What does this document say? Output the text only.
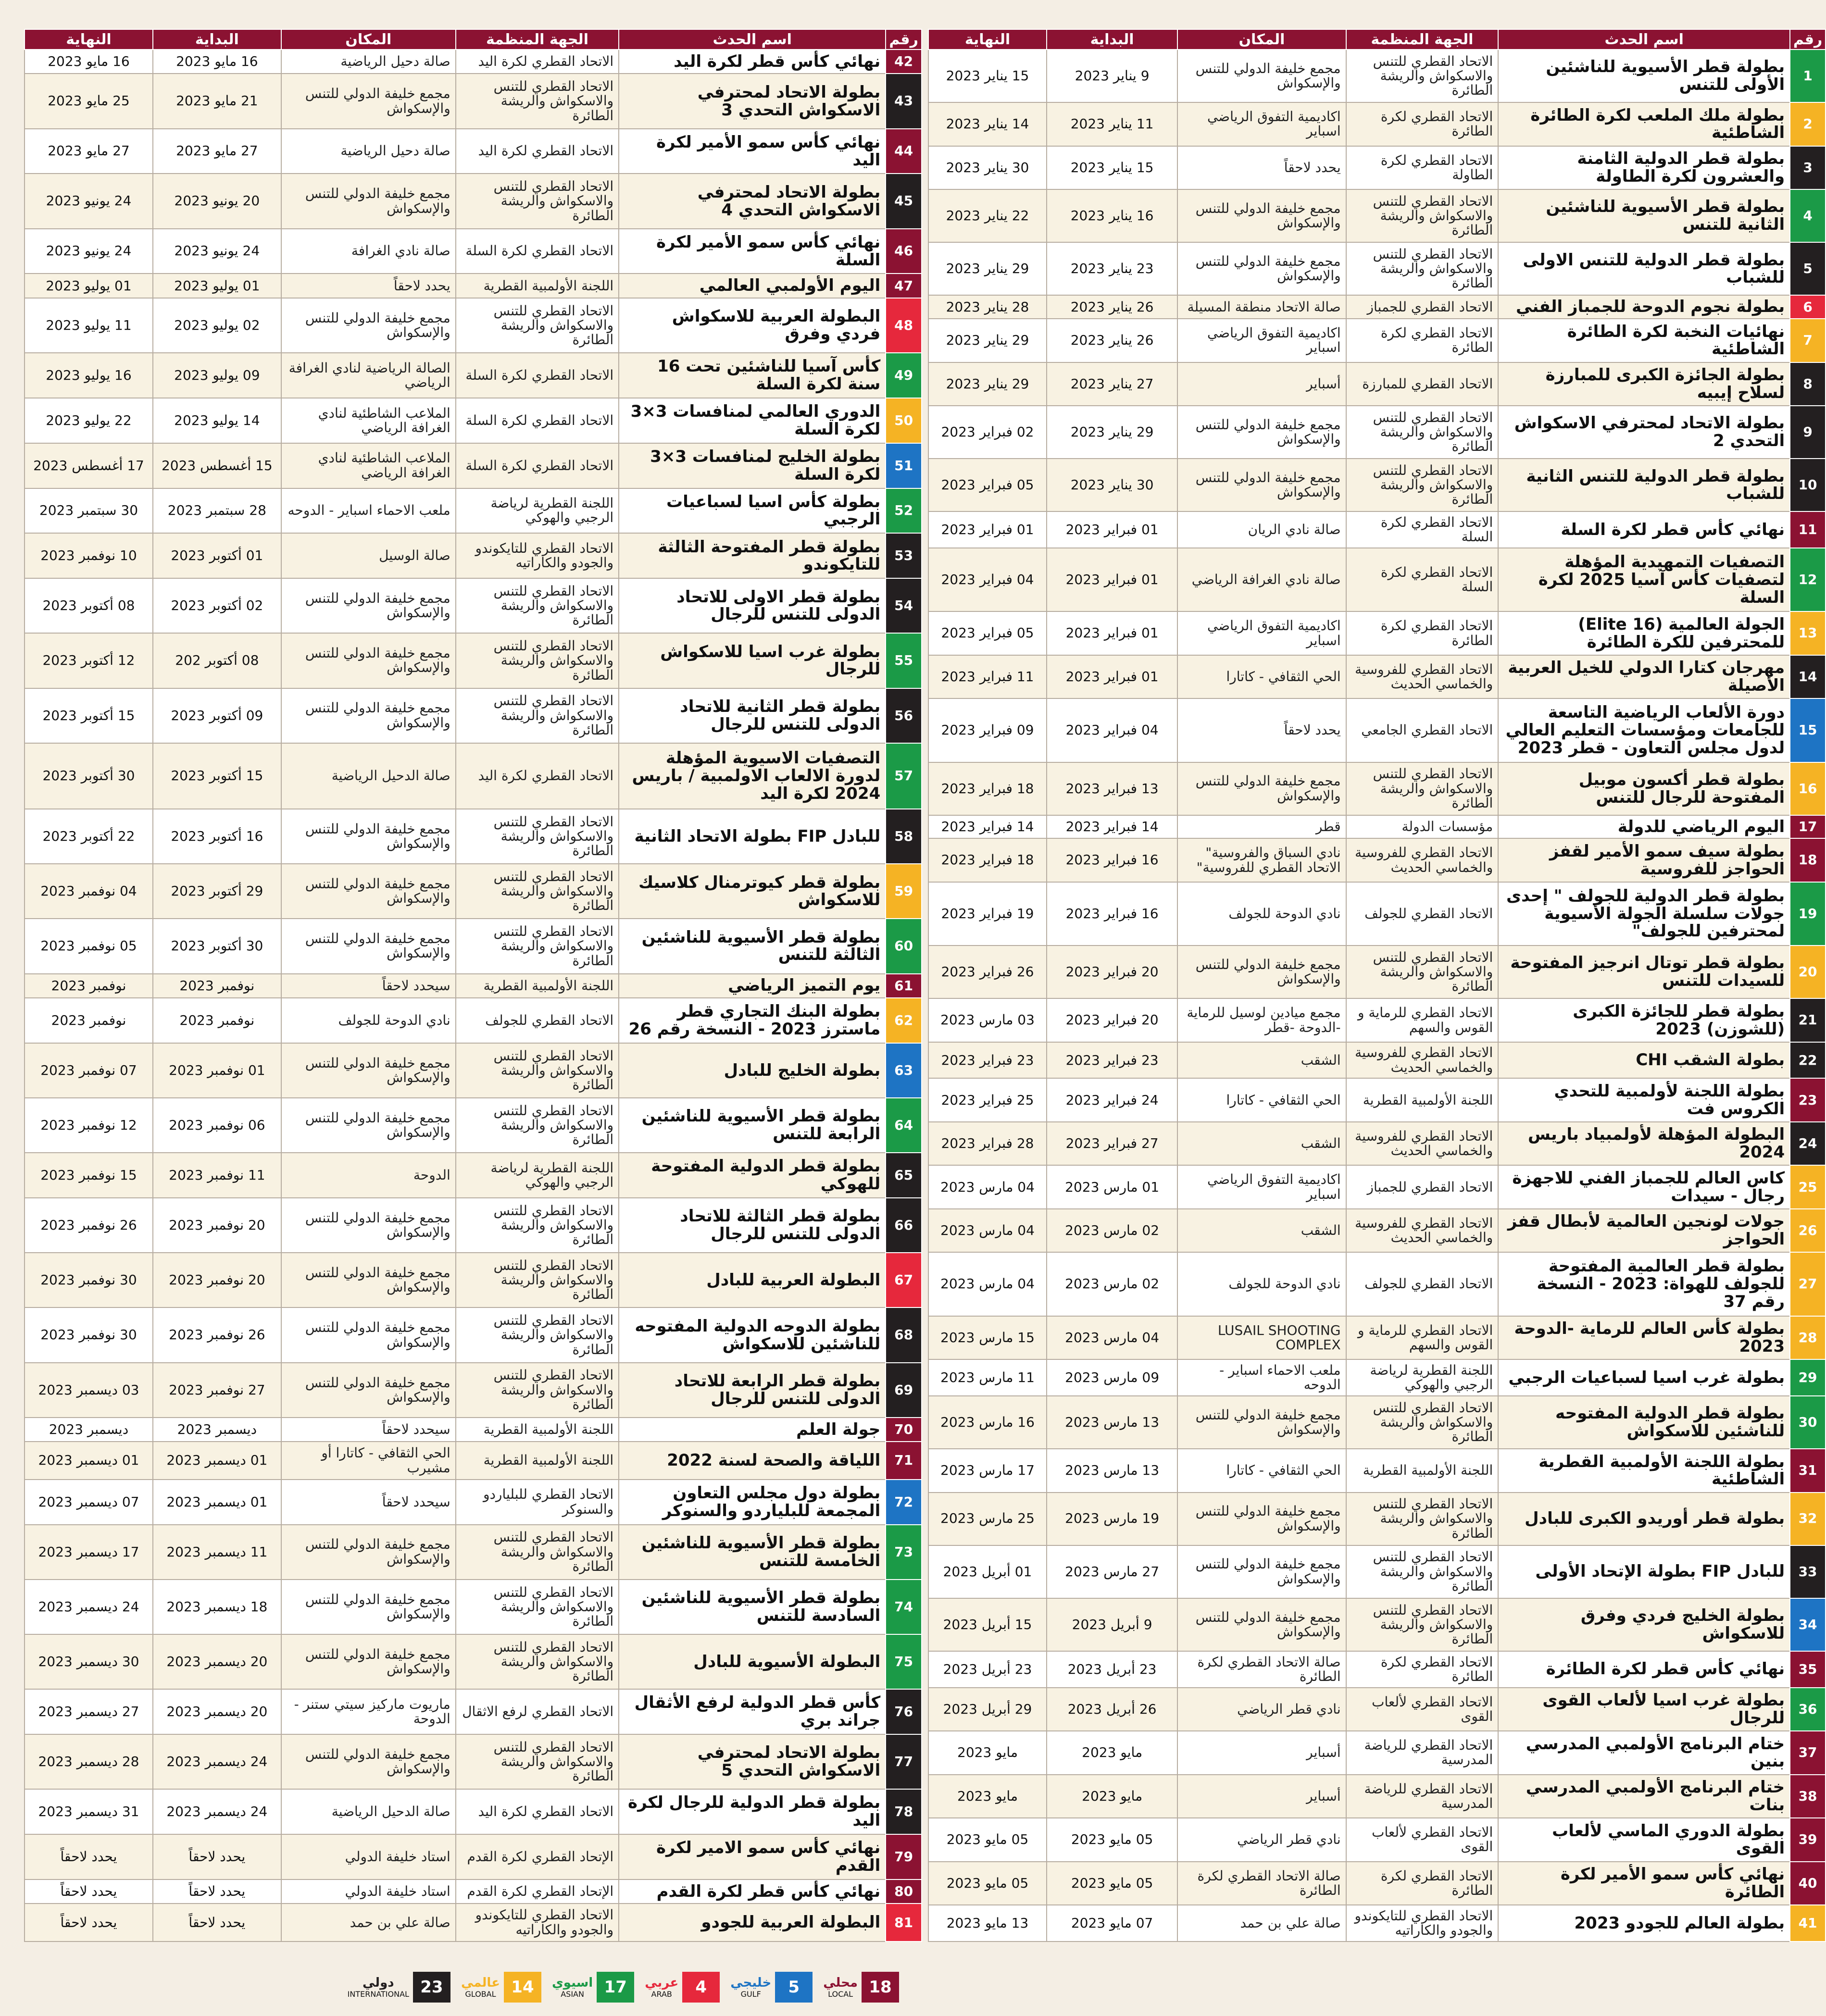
رقم	اسم الحدث	الجهة المنظمة	المكان	البداية	النهاية
1	بطولة قطر الأسيوية للناشئين الأولى للتنس	الاتحاد القطري للتنس والاسكواش والريشة الطائرة	مجمع خليفة الدولي للتنس والإسكواش	9 يناير 2023	15 يناير 2023
2	بطولة ملك الملعب لكرة الطائرة الشاطئية	الاتحاد القطري لكرة الطائرة	اكاديمية التفوق الرياضي اسباير	11 يناير 2023	14 يناير 2023
3	بطولة قطر الدولية الثامنة والعشرون لكرة الطاولة	الاتحاد القطري لكرة الطاولة	يحدد لاحقاً	15 يناير 2023	30 يناير 2023
4	بطولة قطر الأسيوية للناشئين الثانية للتنس	الاتحاد القطري للتنس والاسكواش والريشة الطائرة	مجمع خليفة الدولي للتنس والإسكواش	16 يناير 2023	22 يناير 2023
5	بطولة قطر الدولية للتنس الاولى للشباب	الاتحاد القطري للتنس والاسكواش والريشة الطائرة	مجمع خليفة الدولي للتنس والإسكواش	23 يناير 2023	29 يناير 2023
6	بطولة نجوم الدوحة للجمباز الفني	الاتحاد القطري للجمباز	صالة الاتحاد منطقة المسيلة	26 يناير 2023	28 يناير 2023
7	نهائيات النخبة لكرة الطائرة الشاطئية	الاتحاد القطري لكرة الطائرة	اكاديمية التفوق الرياضي اسباير	26 يناير 2023	29 يناير 2023
8	بطولة الجائزة الكبرى للمبارزة لسلاح إيبيه	الاتحاد القطري للمبارزة	أسباير	27 يناير 2023	29 يناير 2023
9	بطولة الاتحاد لمحترفي الاسكواش التحدي 2	الاتحاد القطري للتنس والاسكواش والريشة الطائرة	مجمع خليفة الدولي للتنس والإسكواش	29 يناير 2023	02 فبراير 2023
10	بطولة قطر الدولية للتنس الثانية للشباب	الاتحاد القطري للتنس والاسكواش والريشة الطائرة	مجمع خليفة الدولي للتنس والإسكواش	30 يناير 2023	05 فبراير 2023
11	نهائي كأس قطر لكرة السلة	الاتحاد القطري لكرة السلة	صالة نادي الريان	01 فبراير 2023	01 فبراير 2023
12	التصفيات التمهيدية المؤهلة لتصفيات كأس آسيا 2025 لكرة السلة	الاتحاد القطري لكرة السلة	صالة نادي الغرافة الرياضي	01 فبراير 2023	04 فبراير 2023
13	الجولة العالمية (Elite 16) للمحترفين للكرة الطائرة	الاتحاد القطري لكرة الطائرة	اكاديمية التفوق الرياضي اسباير	01 فبراير 2023	05 فبراير 2023
14	مهرجان كتارا الدولي للخيل العربية الأصيلة	الاتحاد القطري للفروسية والخماسي الحديث	الحي الثقافي - كاتارا	01 فبراير 2023	11 فبراير 2023
15	دورة الألعاب الرياضية التاسعة للجامعات ومؤسسات التعليم العالي لدول مجلس التعاون - قطر 2023	الاتحاد القطري الجامعي	يحدد لاحقاً	04 فبراير 2023	09 فبراير 2023
16	بطولة قطر أكسون موبيل المفتوحة للرجال للتنس	الاتحاد القطري للتنس والاسكواش والريشة الطائرة	مجمع خليفة الدولي للتنس والإسكواش	13 فبراير 2023	18 فبراير 2023
17	اليوم الرياضي للدولة	مؤسسات الدولة	قطر	14 فبراير 2023	14 فبراير 2023
18	بطولة سيف سمو الأمير لقفز الحواجز للفروسية	الاتحاد القطري للفروسية والخماسي الحديث	نادي السباق والفروسية" الاتحاد القطري للفروسية"	16 فبراير 2023	18 فبراير 2023
19	بطولة قطر الدولية للجولف " إحدى جولات سلسلة الجولة الأسيوية لمحترفين للجولف"	الاتحاد القطري للجولف	نادي الدوحة للجولف	16 فبراير 2023	19 فبراير 2023
20	بطولة قطر توتال انرجيز المفتوحة للسيدات للتنس	الاتحاد القطري للتنس والاسكواش والريشة الطائرة	مجمع خليفة الدولي للتنس والإسكواش	20 فبراير 2023	26 فبراير 2023
21	بطولة قطر للجائزة الكبرى (للشوزن) 2023	الاتحاد القطري للرماية و القوس والسهم	مجمع ميادين لوسيل للرماية -الدوحة -قطر	20 فبراير 2023	03 مارس 2023
22	بطولة الشقب CHI	الاتحاد القطري للفروسية والخماسي الحديث	الشقب	23 فبراير 2023	23 فبراير 2023
23	بطولة اللجنة لأولمبية للتحدي الكروس فت	اللجنة الأولمبية القطرية	الحي الثقافي - كاتارا	24 فبراير 2023	25 فبراير 2023
24	البطولة المؤهلة لأولمبياد باريس 2024	الاتحاد القطري للفروسية والخماسي الحديث	الشقب	27 فبراير 2023	28 فبراير 2023
25	كاس العالم للجمباز الفني للاجهزة رجال - سيدات	الاتحاد القطري للجمباز	اكاديمية التفوق الرياضي اسباير	01 مارس 2023	04 مارس 2023
26	جولات لونجين العالمية لأبطال قفز الحواجز	الاتحاد القطري للفروسية والخماسي الحديث	الشقب	02 مارس 2023	04 مارس 2023
27	بطولة قطر العالمية المفتوحة للجولف للهواة: 2023 - النسخة رقم 37	الاتحاد القطري للجولف	نادي الدوحة للجولف	02 مارس 2023	04 مارس 2023
28	بطولة كأس العالم للرماية -الدوحة 2023	الاتحاد القطري للرماية و القوس والسهم	LUSAIL SHOOTING COMPLEX	04 مارس 2023	15 مارس 2023
29	بطولة غرب اسيا لسباعيات الرجبي	اللجنة القطرية لرياضة الرجبي والهوكي	ملعب الاحماء اسباير - الدوحه	09 مارس 2023	11 مارس 2023
30	بطولة قطر الدولية المفتوحه للناشئين للاسكواش	الاتحاد القطري للتنس والاسكواش والريشة الطائرة	مجمع خليفة الدولي للتنس والإسكواش	13 مارس 2023	16 مارس 2023
31	بطولة اللجنة الأولمبية القطرية الشاطئية	اللجنة الأولمبية القطرية	الحي الثقافي - كاتارا	13 مارس 2023	17 مارس 2023
32	بطولة قطر أوريدو الكبرى للبادل	الاتحاد القطري للتنس والاسكواش والريشة الطائرة	مجمع خليفة الدولي للتنس والإسكواش	19 مارس 2023	25 مارس 2023
33	للبادل FIP بطولة الإتحاد الأولى	الاتحاد القطري للتنس والاسكواش والريشة الطائرة	مجمع خليفة الدولي للتنس والإسكواش	27 مارس 2023	01 أبريل 2023
34	بطولة الخليج فردي وفرق للاسكواش	الاتحاد القطري للتنس والاسكواش والريشة الطائرة	مجمع خليفة الدولي للتنس والإسكواش	9 أبريل 2023	15 أبريل 2023
35	نهائي كأس قطر لكرة الطائرة	الاتحاد القطري لكرة الطائرة	صالة الاتحاد القطري لكرة الطائرة	23 أبريل 2023	23 أبريل 2023
36	بطولة غرب اسيا لألعاب القوى للرجال	الاتحاد القطري لألعاب القوى	نادي قطر الرياضي	26 أبريل 2023	29 أبريل 2023
37	ختام البرنامج الأولمبي المدرسي بنين	الاتحاد القطري للرياضة المدرسية	أسباير	مايو 2023	مايو 2023
38	ختام البرنامج الأولمبي المدرسي بنات	الاتحاد القطري للرياضة المدرسية	أسباير	مايو 2023	مايو 2023
39	بطولة الدوري الماسي لألعاب القوى	الاتحاد القطري لألعاب القوى	نادي قطر الرياضي	05 مايو 2023	05 مايو 2023
40	نهائي كأس سمو الأمير لكرة الطائرة	الاتحاد القطري لكرة الطائرة	صالة الاتحاد القطري لكرة الطائرة	05 مايو 2023	05 مايو 2023
41	بطولة العالم للجودو 2023	الاتحاد القطري للتايكوندو والجودو والكاراتيه	صالة علي بن حمد	07 مايو 2023	13 مايو 2023
رقم	اسم الحدث	الجهة المنظمة	المكان	البداية	النهاية
42	نهائي كأس قطر لكرة اليد	الاتحاد القطري لكرة اليد	صالة دحيل الرياضية	16 مايو 2023	16 مايو 2023
43	بطولة الاتحاد لمحترفي الاسكواش التحدي 3	الاتحاد القطري للتنس والاسكواش والريشة الطائرة	مجمع خليفة الدولي للتنس والإسكواش	21 مايو 2023	25 مايو 2023
44	نهائي كأس سمو الأمير لكرة اليد	الاتحاد القطري لكرة اليد	صالة دحيل الرياضية	27 مايو 2023	27 مايو 2023
45	بطولة الاتحاد لمحترفي الاسكواش التحدي 4	الاتحاد القطري للتنس والاسكواش والريشة الطائرة	مجمع خليفة الدولي للتنس والإسكواش	20 يونيو 2023	24 يونيو 2023
46	نهائي كأس سمو الأمير لكرة السلة	الاتحاد القطري لكرة السلة	صالة نادي الغرافة	24 يونيو 2023	24 يونيو 2023
47	اليوم الأولمبي العالمي	اللجنة الأولمبية القطرية	يحدد لاحقاً	01 يوليو 2023	01 يوليو 2023
48	البطولة العربية للاسكواش فردي وفرق	الاتحاد القطري للتنس والاسكواش والريشة الطائرة	مجمع خليفة الدولي للتنس والإسكواش	02 يوليو 2023	11 يوليو 2023
49	كأس آسيا للناشئين تحت 16 سنة لكرة السلة	الاتحاد القطري لكرة السلة	الصالة الرياضية لنادي الغرافة الرياضي	09 يوليو 2023	16 يوليو 2023
50	الدوري العالمي لمنافسات 3×3 لكرة السلة	الاتحاد القطري لكرة السلة	الملاعب الشاطئية لنادي الغرافة الرياضي	14 يوليو 2023	22 يوليو 2023
51	بطولة الخليج لمنافسات 3×3 لكرة السلة	الاتحاد القطري لكرة السلة	الملاعب الشاطئية لنادي الغرافة الرياضي	15 أغسطس 2023	17 أغسطس 2023
52	بطولة كأس اسيا لسباعيات الرجبي	اللجنة القطرية لرياضة الرجبي والهوكي	ملعب الاحماء اسباير - الدوحه	28 سبتمبر 2023	30 سبتمبر 2023
53	بطولة قطر المفتوحة الثالثة للتايكوندو	الاتحاد القطري للتايكوندو والجودو والكاراتيه	صالة الوسيل	01 أكتوبر 2023	10 نوفمبر 2023
54	بطولة قطر الاولى للاتحاد الدولى للتنس للرجال	الاتحاد القطري للتنس والاسكواش والريشة الطائرة	مجمع خليفة الدولي للتنس والإسكواش	02 أكتوبر 2023	08 أكتوبر 2023
55	بطولة غرب اسيا للاسكواش للرجال	الاتحاد القطري للتنس والاسكواش والريشة الطائرة	مجمع خليفة الدولي للتنس والإسكواش	08 أكتوبر 202	12 أكتوبر 2023
56	بطولة قطر الثانية للاتحاد الدولى للتنس للرجال	الاتحاد القطري للتنس والاسكواش والريشة الطائرة	مجمع خليفة الدولي للتنس والإسكواش	09 أكتوبر 2023	15 أكتوبر 2023
57	التصفيات الاسيوية المؤهلة لدورة الالعاب الاولمبية / باريس 2024 لكرة اليد	الاتحاد القطري لكرة اليد	صالة الدحيل الرياضية	15 أكتوبر 2023	30 أكتوبر 2023
58	للبادل FIP بطولة الاتحاد الثانية	الاتحاد القطري للتنس والاسكواش والريشة الطائرة	مجمع خليفة الدولي للتنس والإسكواش	16 أكتوبر 2023	22 أكتوبر 2023
59	بطولة قطر كيوترمنال كلاسيك للاسكواش	الاتحاد القطري للتنس والاسكواش والريشة الطائرة	مجمع خليفة الدولي للتنس والإسكواش	29 أكتوبر 2023	04 نوفمبر 2023
60	بطولة قطر الأسيوية للناشئين الثالثة للتنس	الاتحاد القطري للتنس والاسكواش والريشة الطائرة	مجمع خليفة الدولي للتنس والإسكواش	30 أكتوبر 2023	05 نوفمبر 2023
61	يوم التميز الرياضي	اللجنة الأولمبية القطرية	سيحدد لاحقاً	نوفمبر 2023	نوفمبر 2023
62	بطولة البنك التجاري قطر ماسترز 2023 - النسخة رقم 26	الاتحاد القطري للجولف	نادي الدوحة للجولف	نوفمبر 2023	نوفمبر 2023
63	بطولة الخليج للبادل	الاتحاد القطري للتنس والاسكواش والريشة الطائرة	مجمع خليفة الدولي للتنس والإسكواش	01 نوفمبر 2023	07 نوفمبر 2023
64	بطولة قطر الأسيوية للناشئين الرابعة للتنس	الاتحاد القطري للتنس والاسكواش والريشة الطائرة	مجمع خليفة الدولي للتنس والإسكواش	06 نوفمبر 2023	12 نوفمبر 2023
65	بطولة قطر الدولية المفتوحة للهوكي	اللجنة القطرية لرياضة الرجبي والهوكي	الدوحة	11 نوفمبر 2023	15 نوفمبر 2023
66	بطولة قطر الثالثة للاتحاد الدولى للتنس للرجال	الاتحاد القطري للتنس والاسكواش والريشة الطائرة	مجمع خليفة الدولي للتنس والإسكواش	20 نوفمبر 2023	26 نوفمبر 2023
67	البطولة العربية للبادل	الاتحاد القطري للتنس والاسكواش والريشة الطائرة	مجمع خليفة الدولي للتنس والإسكواش	20 نوفمبر 2023	30 نوفمبر 2023
68	بطولة الدوحه الدولية المفتوحه للناشئين للاسكواش	الاتحاد القطري للتنس والاسكواش والريشة الطائرة	مجمع خليفة الدولي للتنس والإسكواش	26 نوفمبر 2023	30 نوفمبر 2023
69	بطولة قطر الرابعة للاتحاد الدولى للتنس للرجال	الاتحاد القطري للتنس والاسكواش والريشة الطائرة	مجمع خليفة الدولي للتنس والإسكواش	27 نوفمبر 2023	03 ديسمبر 2023
70	جولة العلم	اللجنة الأولمبية القطرية	سيحدد لاحقاً	ديسمبر 2023	ديسمبر 2023
71	اللياقة والصحة لسنة 2022	اللجنة الأولمبية القطرية	الحي الثقافي - كاتارا أو مشيرب	01 ديسمبر 2023	01 ديسمبر 2023
72	بطولة دول مجلس التعاون المجمعة للبلياردو والسنوكر	الاتحاد القطري للبلياردو والسنوكر	سيحدد لاحقاً	01 ديسمبر 2023	07 ديسمبر 2023
73	بطولة قطر الأسيوية للناشئين الخامسة للتنس	الاتحاد القطري للتنس والاسكواش والريشة الطائرة	مجمع خليفة الدولي للتنس والإسكواش	11 ديسمبر 2023	17 ديسمبر 2023
74	بطولة قطر الأسيوية للناشئين السادسة للتنس	الاتحاد القطري للتنس والاسكواش والريشة الطائرة	مجمع خليفة الدولي للتنس والإسكواش	18 ديسمبر 2023	24 ديسمبر 2023
75	البطولة الأسيوية للبادل	الاتحاد القطري للتنس والاسكواش والريشة الطائرة	مجمع خليفة الدولي للتنس والإسكواش	20 ديسمبر 2023	30 ديسمبر 2023
76	كأس قطر الدولية لرفع الأثقال جراند بري	الاتحاد القطري لرفع الاثقال	ماريوت ماركيز سيتي ستنر - الدوحة	20 ديسمبر 2023	27 ديسمبر 2023
77	بطولة الاتحاد لمحترفي الاسكواش التحدي 5	الاتحاد القطري للتنس والاسكواش والريشة الطائرة	مجمع خليفة الدولي للتنس والإسكواش	24 ديسمبر 2023	28 ديسمبر 2023
78	بطولة قطر الدولية للرجال لكرة اليد	الاتحاد القطري لكرة اليد	صالة الدحيل الرياضية	24 ديسمبر 2023	31 ديسمبر 2023
79	نهائي كأس سمو الامير لكرة القدم	الإتحاد القطري لكرة القدم	استاد خليفة الدولي	يحدد لاحقاً	يحدد لاحقاً
80	نهائي كأس قطر لكرة القدم	الإتحاد القطري لكرة القدم	استاد خليفة الدولي	يحدد لاحقاً	يحدد لاحقاً
81	البطولة العربية للجودو	الاتحاد القطري للتايكوندو والجودو والكاراتيه	صالة علي بن حمد	يحدد لاحقاً	يحدد لاحقاً
18
محلي
LOCAL
5
خليجي
GULF
4
عربي
ARAB
17
اسيوي
ASIAN
14
عالمي
GLOBAL
23
دولي
INTERNATIONAL
